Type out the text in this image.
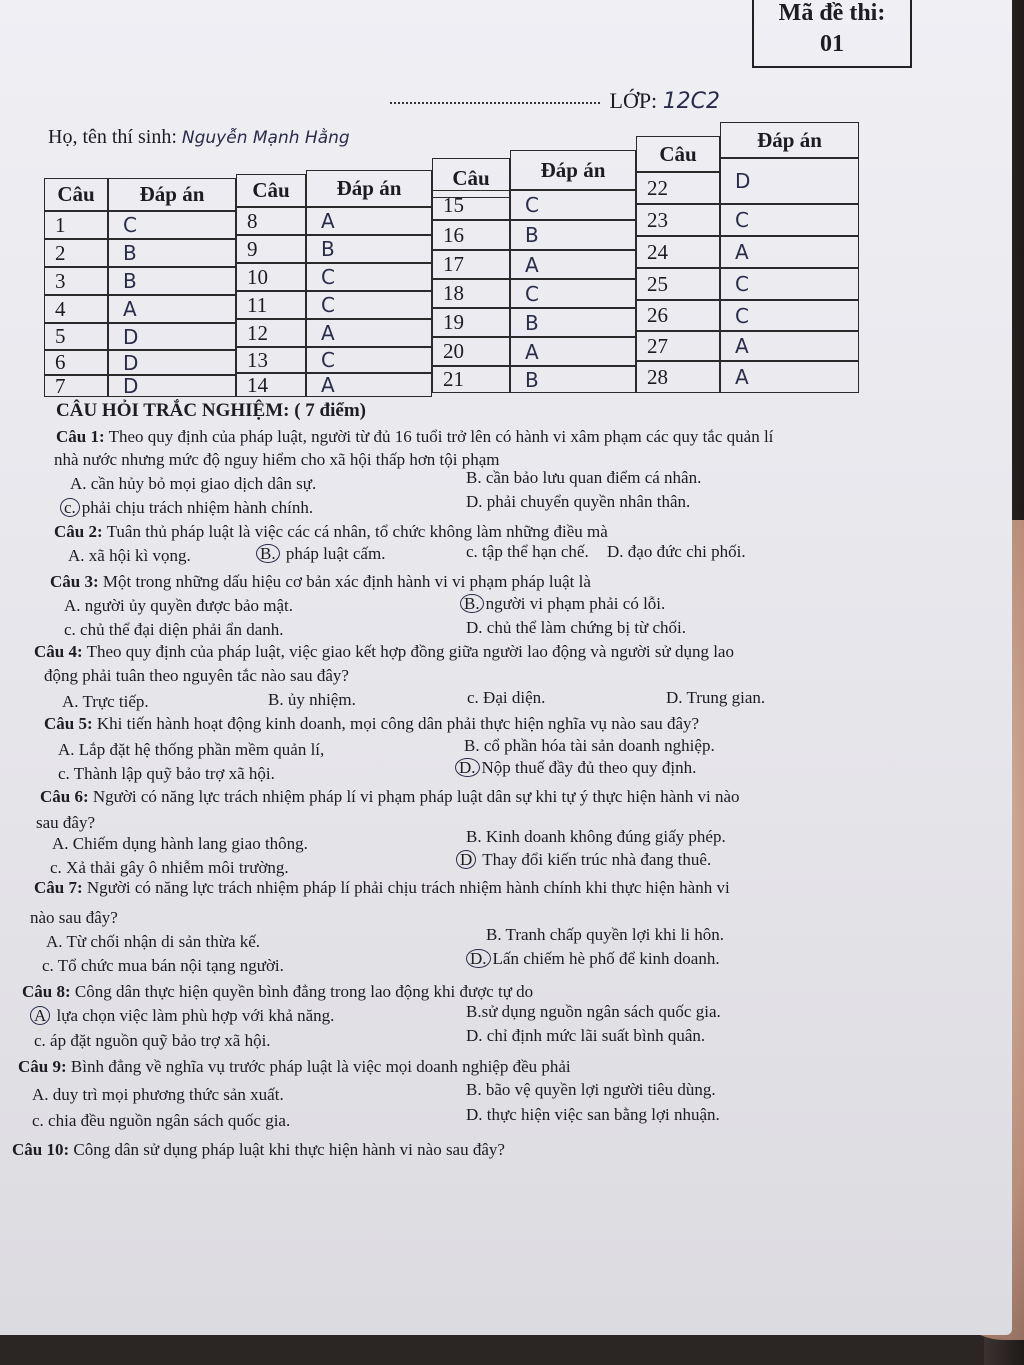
Mã đề thi:
01
LỚP: 12C2
Họ, tên thí sinh: Nguyễn Mạnh Hằng
Câu	Đáp án	Câu	Đáp án	Câu	Đáp án
Câu
Đáp án
1	C
2	B
3	B
4	A
5	D
6	D
7	D
8	A
9	B
10	C
11	C
12	A
13	C
14	A
15	C
16	B
17	A
18	C
19	B
20	A
21	B
22	D
23	C
24	A
25	C
26	C
27	A
28	A
CÂU HỎI TRẮC NGHIỆM: ( 7 điểm)
Câu 1: Theo quy định của pháp luật, người từ đủ 16 tuổi trở lên có hành vi xâm phạm các quy tắc quản lí
nhà nước nhưng mức độ nguy hiểm cho xã hội thấp hơn tội phạm
A. cần hủy bỏ mọi giao dịch dân sự.	B. cần bảo lưu quan điểm cá nhân.
c. phải chịu trách nhiệm hành chính.	D. phải chuyển quyền nhân thân.
Câu 2: Tuân thủ pháp luật là việc các cá nhân, tổ chức không làm những điều mà
A. xã hội kì vọng.	B. pháp luật cấm.	c. tập thể hạn chế. D. đạo đức chi phối.
Câu 3: Một trong những dấu hiệu cơ bản xác định hành vi vi phạm pháp luật là
A. người ủy quyền được bảo mật.	B. người vi phạm phải có lỗi.
c. chủ thể đại diện phải ẩn danh.	D. chủ thể làm chứng bị từ chối.
Câu 4: Theo quy định của pháp luật, việc giao kết hợp đồng giữa người lao động và người sử dụng lao
động phải tuân theo nguyên tắc nào sau đây?
A. Trực tiếp.	B. ủy nhiệm.	c. Đại diện.	D. Trung gian.
Câu 5: Khi tiến hành hoạt động kinh doanh, mọi công dân phải thực hiện nghĩa vụ nào sau đây?
A. Lắp đặt hệ thống phần mềm quản lí,	B. cổ phần hóa tài sản doanh nghiệp.
c. Thành lập quỹ bảo trợ xã hội.	D. Nộp thuế đầy đủ theo quy định.
Câu 6: Người có năng lực trách nhiệm pháp lí vi phạm pháp luật dân sự khi tự ý thực hiện hành vi nào
sau đây?
A. Chiếm dụng hành lang giao thông.	B. Kinh doanh không đúng giấy phép.
c. Xả thải gây ô nhiễm môi trường.	D Thay đổi kiến trúc nhà đang thuê.
Câu 7: Người có năng lực trách nhiệm pháp lí phải chịu trách nhiệm hành chính khi thực hiện hành vi
nào sau đây?
A. Từ chối nhận di sản thừa kế.	B. Tranh chấp quyền lợi khi li hôn.
c. Tổ chức mua bán nội tạng người.	D. Lấn chiếm hè phố để kinh doanh.
Câu 8: Công dân thực hiện quyền bình đẳng trong lao động khi được tự do
A lựa chọn việc làm phù hợp với khả năng.	B.sử dụng nguồn ngân sách quốc gia.
c. áp đặt nguồn quỹ bảo trợ xã hội.	D. chỉ định mức lãi suất bình quân.
Câu 9: Bình đẳng về nghĩa vụ trước pháp luật là việc mọi doanh nghiệp đều phải
A. duy trì mọi phương thức sản xuất.	B. bão vệ quyền lợi người tiêu dùng.
c. chia đều nguồn ngân sách quốc gia.	D. thực hiện việc san bằng lợi nhuận.
Câu 10: Công dân sử dụng pháp luật khi thực hiện hành vi nào sau đây?
